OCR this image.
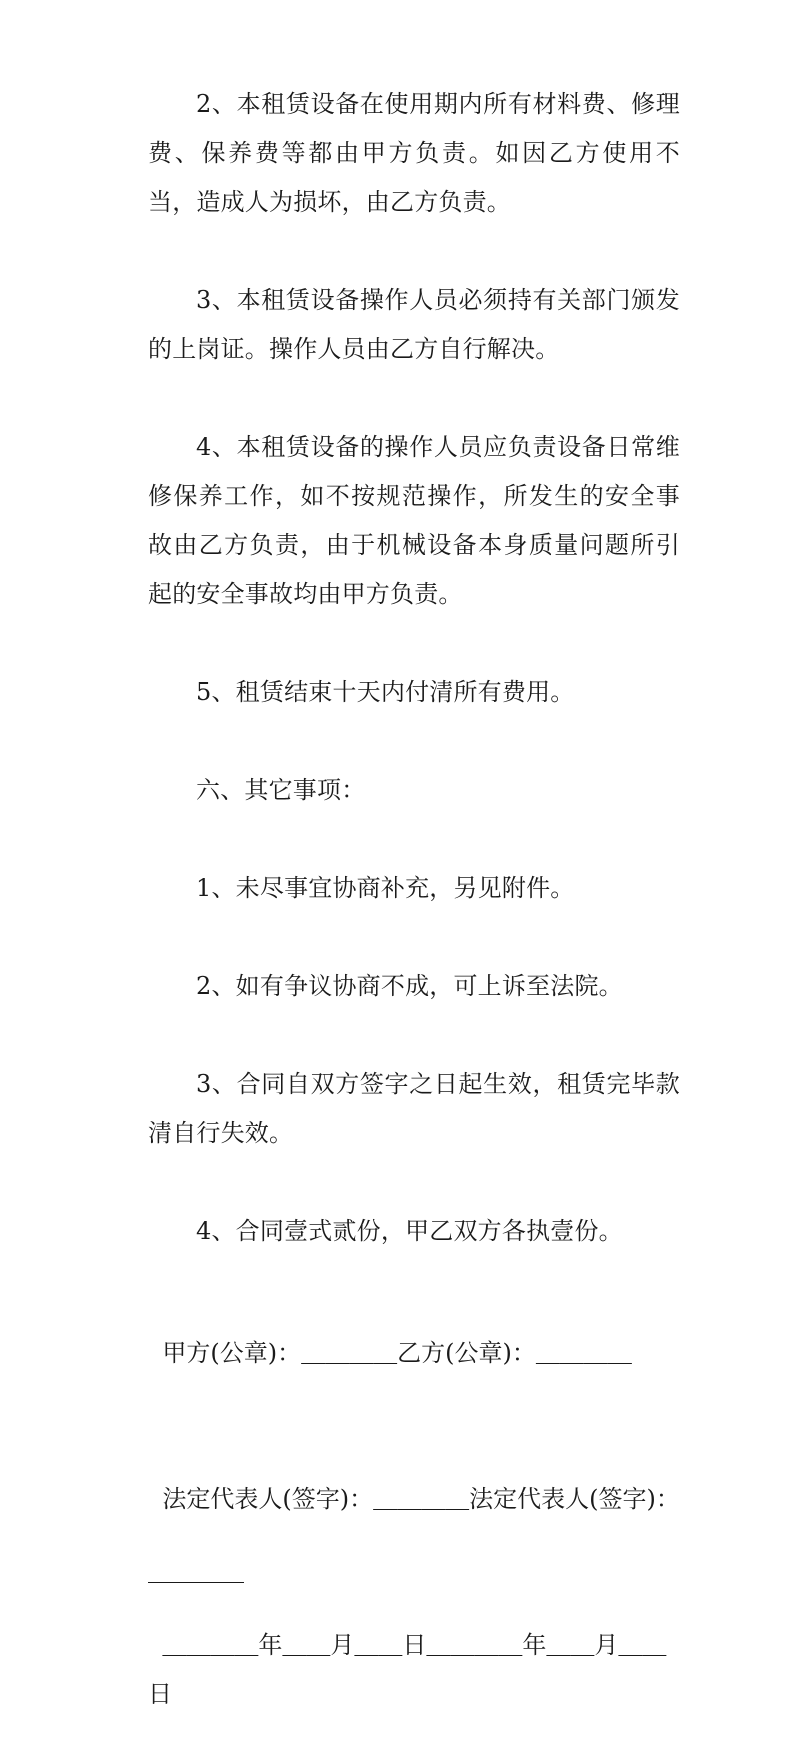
2、本租赁设备在使用期内所有材料费、修理费、保养费等都由甲方负责。如因乙方使用不当，造成人为损坏，由乙方负责。

3、本租赁设备操作人员必须持有关部门颁发的上岗证。操作人员由乙方自行解决。

4、本租赁设备的操作人员应负责设备日常维修保养工作，如不按规范操作，所发生的安全事故由乙方负责，由于机械设备本身质量问题所引起的安全事故均由甲方负责。

5、租赁结束十天内付清所有费用。

六、其它事项：

1、未尽事宜协商补充，另见附件。

2、如有争议协商不成，可上诉至法院。

3、合同自双方签字之日起生效，租赁完毕款清自行失效。

4、合同壹式贰份，甲乙双方各执壹份。

甲方(公章)：＿＿＿＿乙方(公章)：＿＿＿＿

法定代表人(签字)：＿＿＿＿法定代表人(签字)：

＿＿＿＿

＿＿＿＿年＿＿月＿＿日＿＿＿＿年＿＿月＿＿日
